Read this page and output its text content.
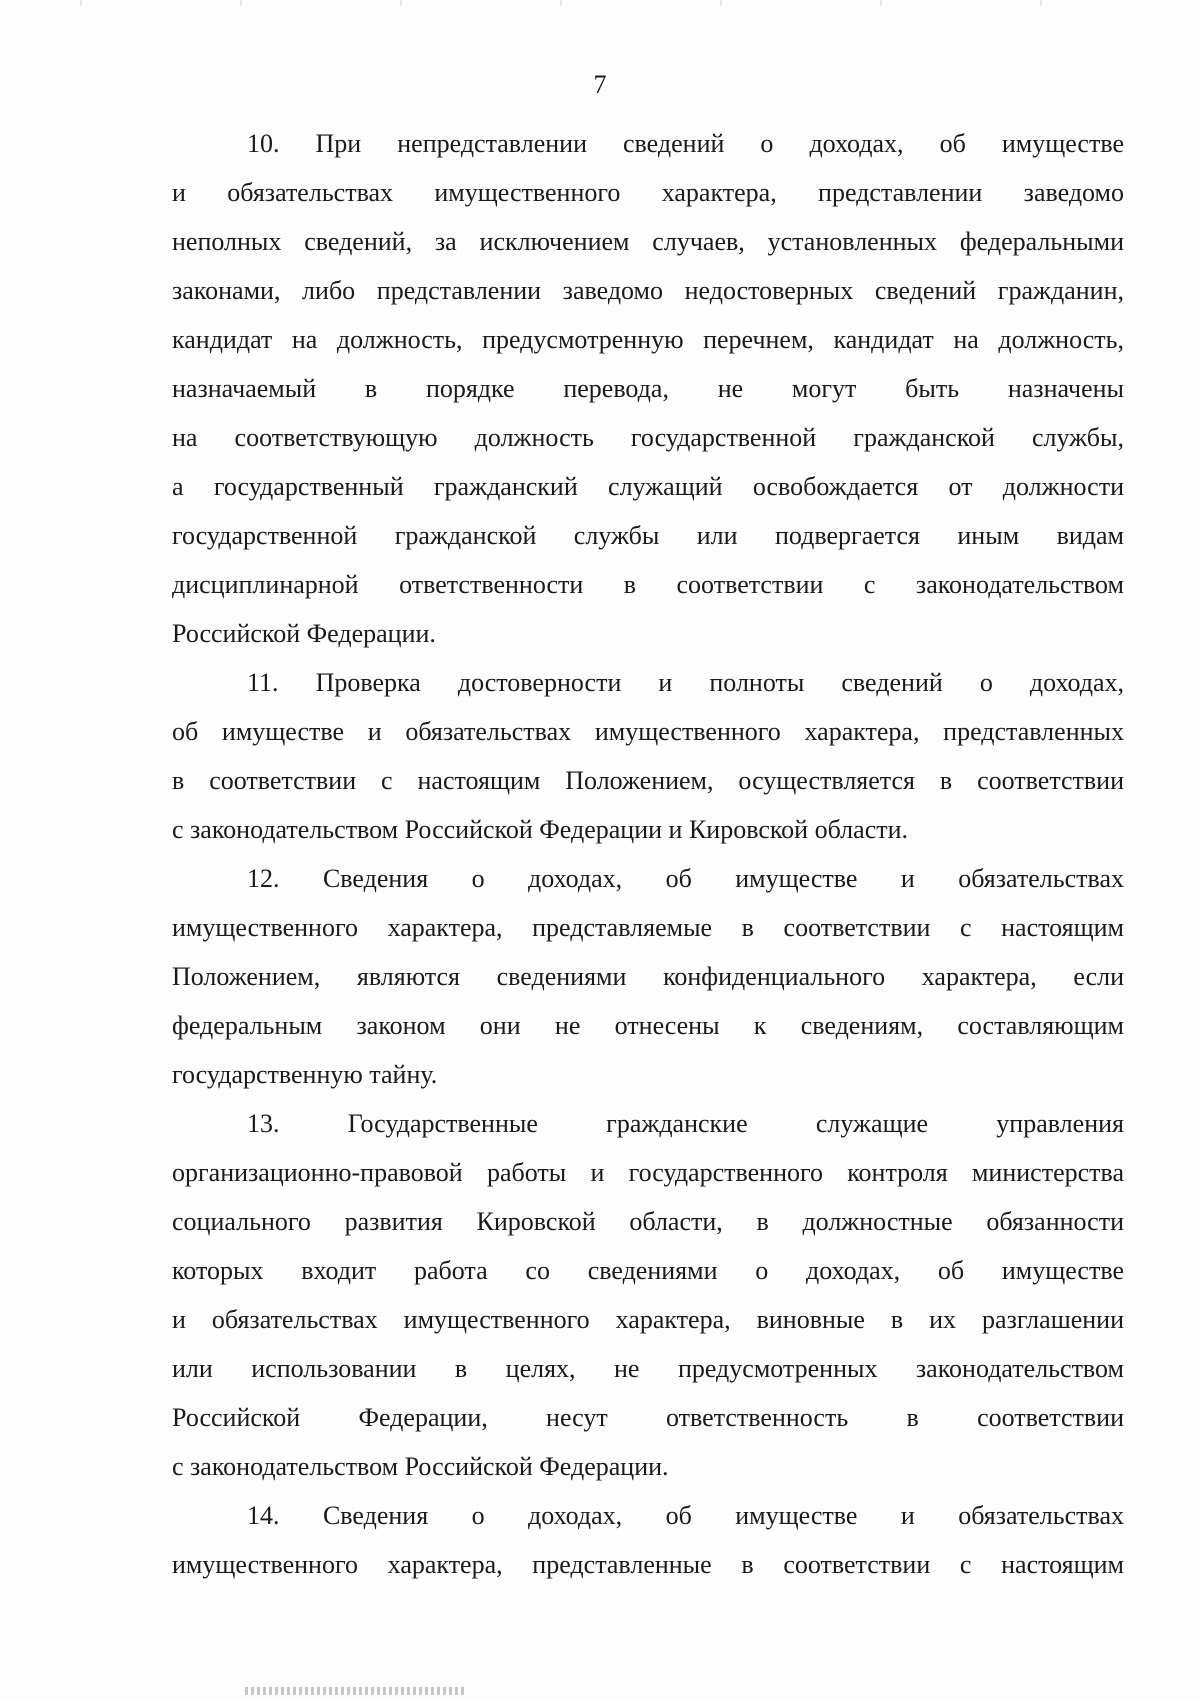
7
10. При непредставлении сведений о доходах, об имуществе
и обязательствах имущественного характера, представлении заведомо
неполных сведений, за исключением случаев, установленных федеральными
законами, либо представлении заведомо недостоверных сведений гражданин,
кандидат на должность, предусмотренную перечнем, кандидат на должность,
назначаемый в порядке перевода, не могут быть назначены
на соответствующую должность государственной гражданской службы,
а государственный гражданский служащий освобождается от должности
государственной гражданской службы или подвергается иным видам
дисциплинарной ответственности в соответствии с законодательством
Российской Федерации.
11. Проверка достоверности и полноты сведений о доходах,
об имуществе и обязательствах имущественного характера, представленных
в соответствии с настоящим Положением, осуществляется в соответствии
с законодательством Российской Федерации и Кировской области.
12. Сведения о доходах, об имуществе и обязательствах
имущественного характера, представляемые в соответствии с настоящим
Положением, являются сведениями конфиденциального характера, если
федеральным законом они не отнесены к сведениям, составляющим
государственную тайну.
13. Государственные гражданские служащие управления
организационно-правовой работы и государственного контроля министерства
социального развития Кировской области, в должностные обязанности
которых входит работа со сведениями о доходах, об имуществе
и обязательствах имущественного характера, виновные в их разглашении
или использовании в целях, не предусмотренных законодательством
Российской Федерации, несут ответственность в соответствии
с законодательством Российской Федерации.
14. Сведения о доходах, об имуществе и обязательствах
имущественного характера, представленные в соответствии с настоящим
